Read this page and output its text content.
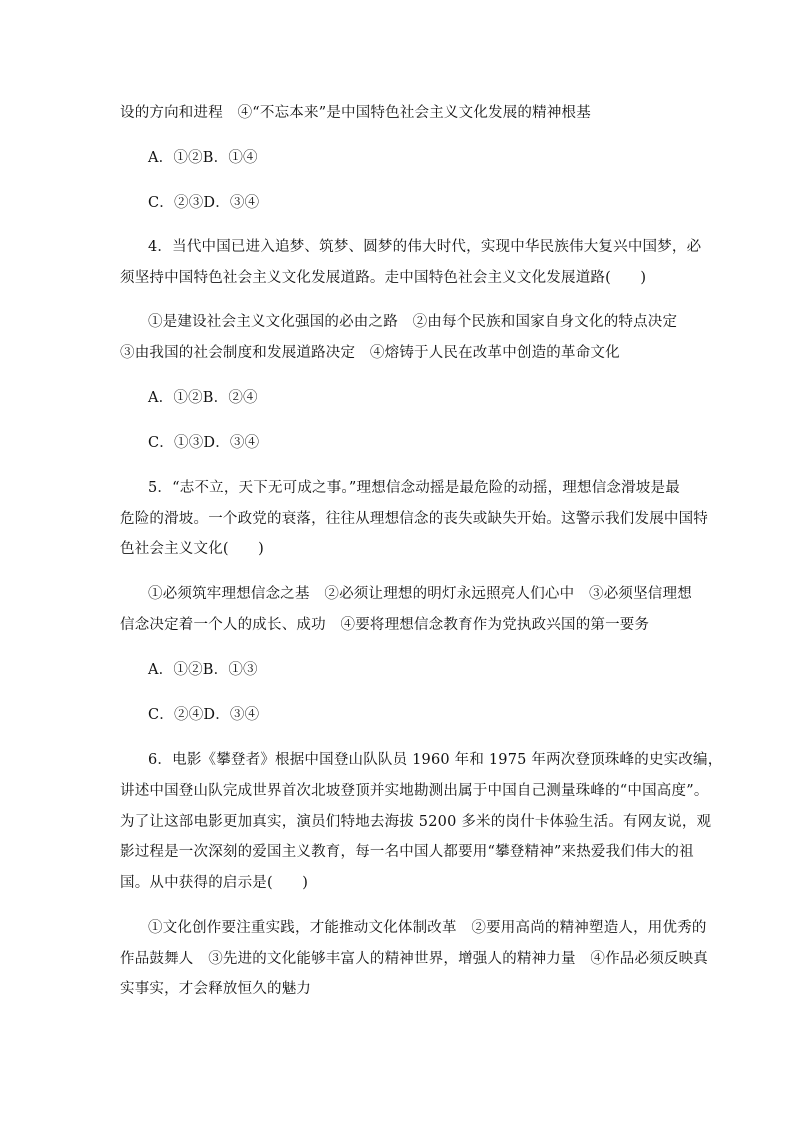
设的方向和进程　④“不忘本来”是中国特色社会主义文化发展的精神根基
A．①②B．①④
C．②③D．③④
4．当代中国已进入追梦、筑梦、圆梦的伟大时代，实现中华民族伟大复兴中国梦，必
须坚持中国特色社会主义文化发展道路。走中国特色社会主义文化发展道路(　　)
①是建设社会主义文化强国的必由之路　②由每个民族和国家自身文化的特点决定
③由我国的社会制度和发展道路决定　④熔铸于人民在改革中创造的革命文化
A．①②B．②④
C．①③D．③④
5．“志不立，天下无可成之事。”理想信念动摇是最危险的动摇，理想信念滑坡是最
危险的滑坡。一个政党的衰落，往往从理想信念的丧失或缺失开始。这警示我们发展中国特
色社会主义文化(　　)
①必须筑牢理想信念之基　②必须让理想的明灯永远照亮人们心中　③必须坚信理想
信念决定着一个人的成长、成功　④要将理想信念教育作为党执政兴国的第一要务
A．①②B．①③
C．②④D．③④
6．电影《攀登者》根据中国登山队队员 1960 年和 1975 年两次登顶珠峰的史实改编，
讲述中国登山队完成世界首次北坡登顶并实地勘测出属于中国自己测量珠峰的“中国高度”。
为了让这部电影更加真实，演员们特地去海拔 5200 多米的岗什卡体验生活。有网友说，观
影过程是一次深刻的爱国主义教育，每一名中国人都要用“攀登精神”来热爱我们伟大的祖
国。从中获得的启示是(　　)
①文化创作要注重实践，才能推动文化体制改革　②要用高尚的精神塑造人，用优秀的
作品鼓舞人　③先进的文化能够丰富人的精神世界，增强人的精神力量　④作品必须反映真
实事实，才会释放恒久的魅力
